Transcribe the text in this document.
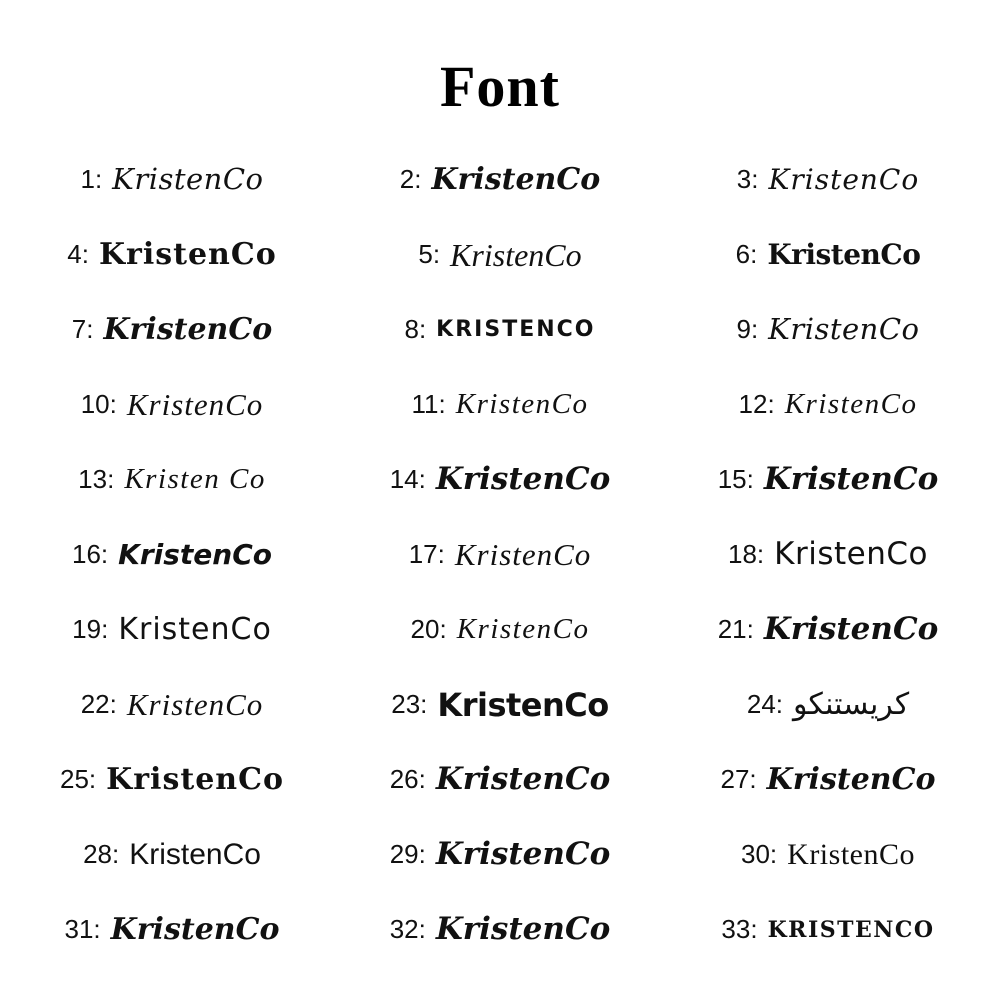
Font
1: KristenCo	2: KristenCo	3: KristenCo
4: KristenCo	5: KristenCo	6: KristenCo
7: KristenCo	8: KRISTENCO	9: KristenCo
10: KristenCo	11: KristenCo	12: KristenCo
13: Kristen Co	14: KristenCo	15: KristenCo
16: KristenCo	17: KristenCo	18: KristenCo
19: KristenCo	20: KristenCo	21: KristenCo
22: KristenCo	23: KristenCo	24: كريستنكو
25: KristenCo	26: KristenCo	27: KristenCo
28: KristenCo	29: KristenCo	30: KristenCo
31: KristenCo	32: KristenCo	33: KRISTENCO
